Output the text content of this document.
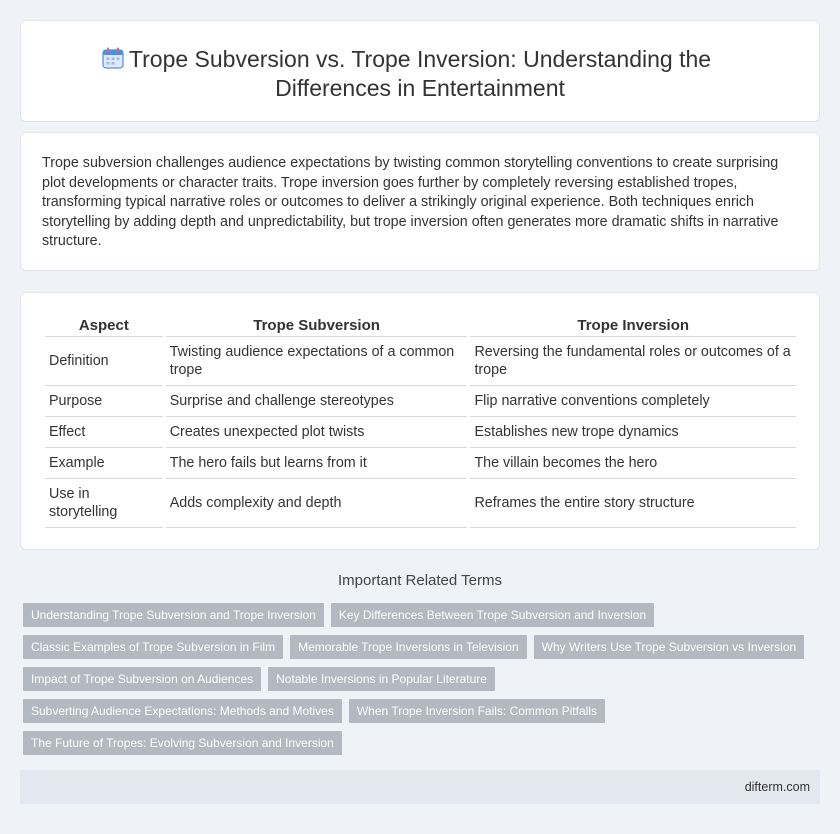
Trope Subversion vs. Trope Inversion: Understanding the Differences in Entertainment

Trope subversion challenges audience expectations by twisting common storytelling conventions to create surprising plot developments or character traits. Trope inversion goes further by completely reversing established tropes, transforming typical narrative roles or outcomes to deliver a strikingly original experience. Both techniques enrich storytelling by adding depth and unpredictability, but trope inversion often generates more dramatic shifts in narrative structure.

Aspect	Trope Subversion	Trope Inversion
Definition	Twisting audience expectations of a common trope	Reversing the fundamental roles or outcomes of a trope
Purpose	Surprise and challenge stereotypes	Flip narrative conventions completely
Effect	Creates unexpected plot twists	Establishes new trope dynamics
Example	The hero fails but learns from it	The villain becomes the hero
Use in storytelling	Adds complexity and depth	Reframes the entire story structure
Important Related Terms
Understanding Trope Subversion and Trope Inversion	Key Differences Between Trope Subversion and Inversion
Classic Examples of Trope Subversion in Film	Memorable Trope Inversions in Television	Why Writers Use Trope Subversion vs Inversion
Impact of Trope Subversion on Audiences	Notable Inversions in Popular Literature
Subverting Audience Expectations: Methods and Motives	When Trope Inversion Fails: Common Pitfalls
The Future of Tropes: Evolving Subversion and Inversion
difterm.com
